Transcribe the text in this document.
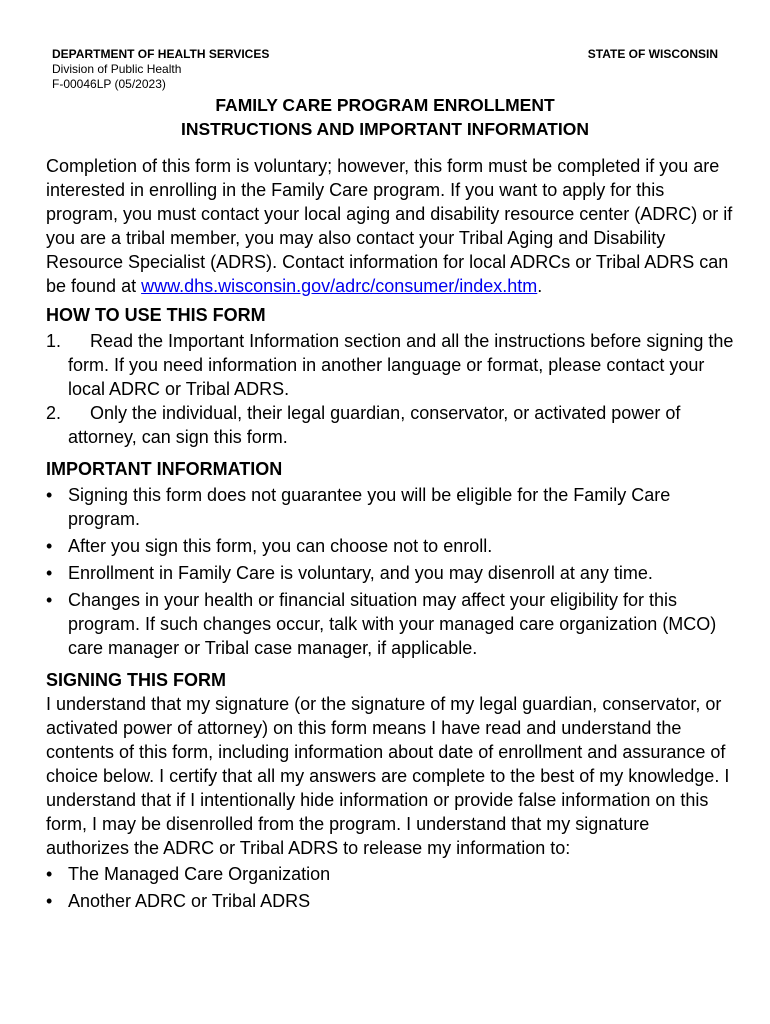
DEPARTMENT OF HEALTH SERVICES
Division of Public Health
F-00046LP (05/2023)
STATE OF WISCONSIN
FAMILY CARE PROGRAM ENROLLMENT
INSTRUCTIONS AND IMPORTANT INFORMATION

Completion of this form is voluntary; however, this form must be completed if you are interested in enrolling in the Family Care program. If you want to apply for this program, you must contact your local aging and disability resource center (ADRC) or if you are a tribal member, you may also contact your Tribal Aging and Disability Resource Specialist (ADRS). Contact information for local ADRCs or Tribal ADRS can be found at www.dhs.wisconsin.gov/adrc/consumer/index.htm.

HOW TO USE THIS FORM
1. Read the Important Information section and all the instructions before signing the form. If you need information in another language or format, please contact your local ADRC or Tribal ADRS.
2. Only the individual, their legal guardian, conservator, or activated power of attorney, can sign this form.
IMPORTANT INFORMATION
• Signing this form does not guarantee you will be eligible for the Family Care program.
• After you sign this form, you can choose not to enroll.
• Enrollment in Family Care is voluntary, and you may disenroll at any time.
• Changes in your health or financial situation may affect your eligibility for this program. If such changes occur, talk with your managed care organization (MCO) care manager or Tribal case manager, if applicable.
SIGNING THIS FORM

I understand that my signature (or the signature of my legal guardian, conservator, or activated power of attorney) on this form means I have read and understand the contents of this form, including information about date of enrollment and assurance of choice below. I certify that all my answers are complete to the best of my knowledge. I understand that if I intentionally hide information or provide false information on this form, I may be disenrolled from the program. I understand that my signature authorizes the ADRC or Tribal ADRS to release my information to:

• The Managed Care Organization
• Another ADRC or Tribal ADRS
